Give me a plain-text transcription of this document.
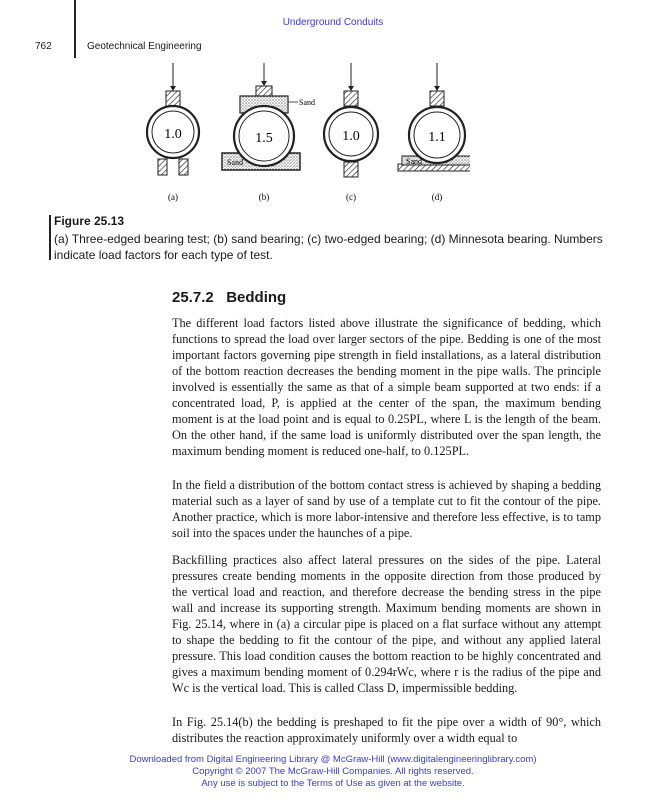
Underground Conduits
762	Geotechnical Engineering
1.0
(a)
Sand
1.5
Sand
(b)
1.0
(c)
1.1
Sand
(d)
Figure 25.13
(a) Three-edged bearing test; (b) sand bearing; (c) two-edged bearing; (d) Minnesota bearing. Numbers indicate load factors for each type of test.
25.7.2   Bedding
The different load factors listed above illustrate the significance of bedding, which functions to spread the load over larger sectors of the pipe. Bedding is one of the most important factors governing pipe strength in field installations, as a lateral distribution of the bottom reaction decreases the bending moment in the pipe walls. The principle involved is essentially the same as that of a simple beam supported at two ends: if a concentrated load, P, is applied at the center of the span, the maximum bending moment is at the load point and is equal to 0.25PL, where L is the length of the beam. On the other hand, if the same load is uniformly distributed over the span length, the maximum bending moment is reduced one-half, to 0.125PL.
In the field a distribution of the bottom contact stress is achieved by shaping a bedding material such as a layer of sand by use of a template cut to fit the contour of the pipe. Another practice, which is more labor-intensive and therefore less effective, is to tamp soil into the spaces under the haunches of a pipe.
Backfilling practices also affect lateral pressures on the sides of the pipe. Lateral pressures create bending moments in the opposite direction from those produced by the vertical load and reaction, and therefore decrease the bending stress in the pipe wall and increase its supporting strength. Maximum bending moments are shown in Fig. 25.14, where in (a) a circular pipe is placed on a flat surface without any attempt to shape the bedding to fit the contour of the pipe, and without any applied lateral pressure. This load condition causes the bottom reaction to be highly concentrated and gives a maximum bending moment of 0.294rWc, where r is the radius of the pipe and Wc is the vertical load. This is called Class D, impermissible bedding.
In Fig. 25.14(b) the bedding is preshaped to fit the pipe over a width of 90°, which distributes the reaction approximately uniformly over a width equal to
Downloaded from Digital Engineering Library @ McGraw-Hill (www.digitalengineeringlibrary.com)
Copyright © 2007 The McGraw-Hill Companies. All rights reserved.
Any use is subject to the Terms of Use as given at the website.
